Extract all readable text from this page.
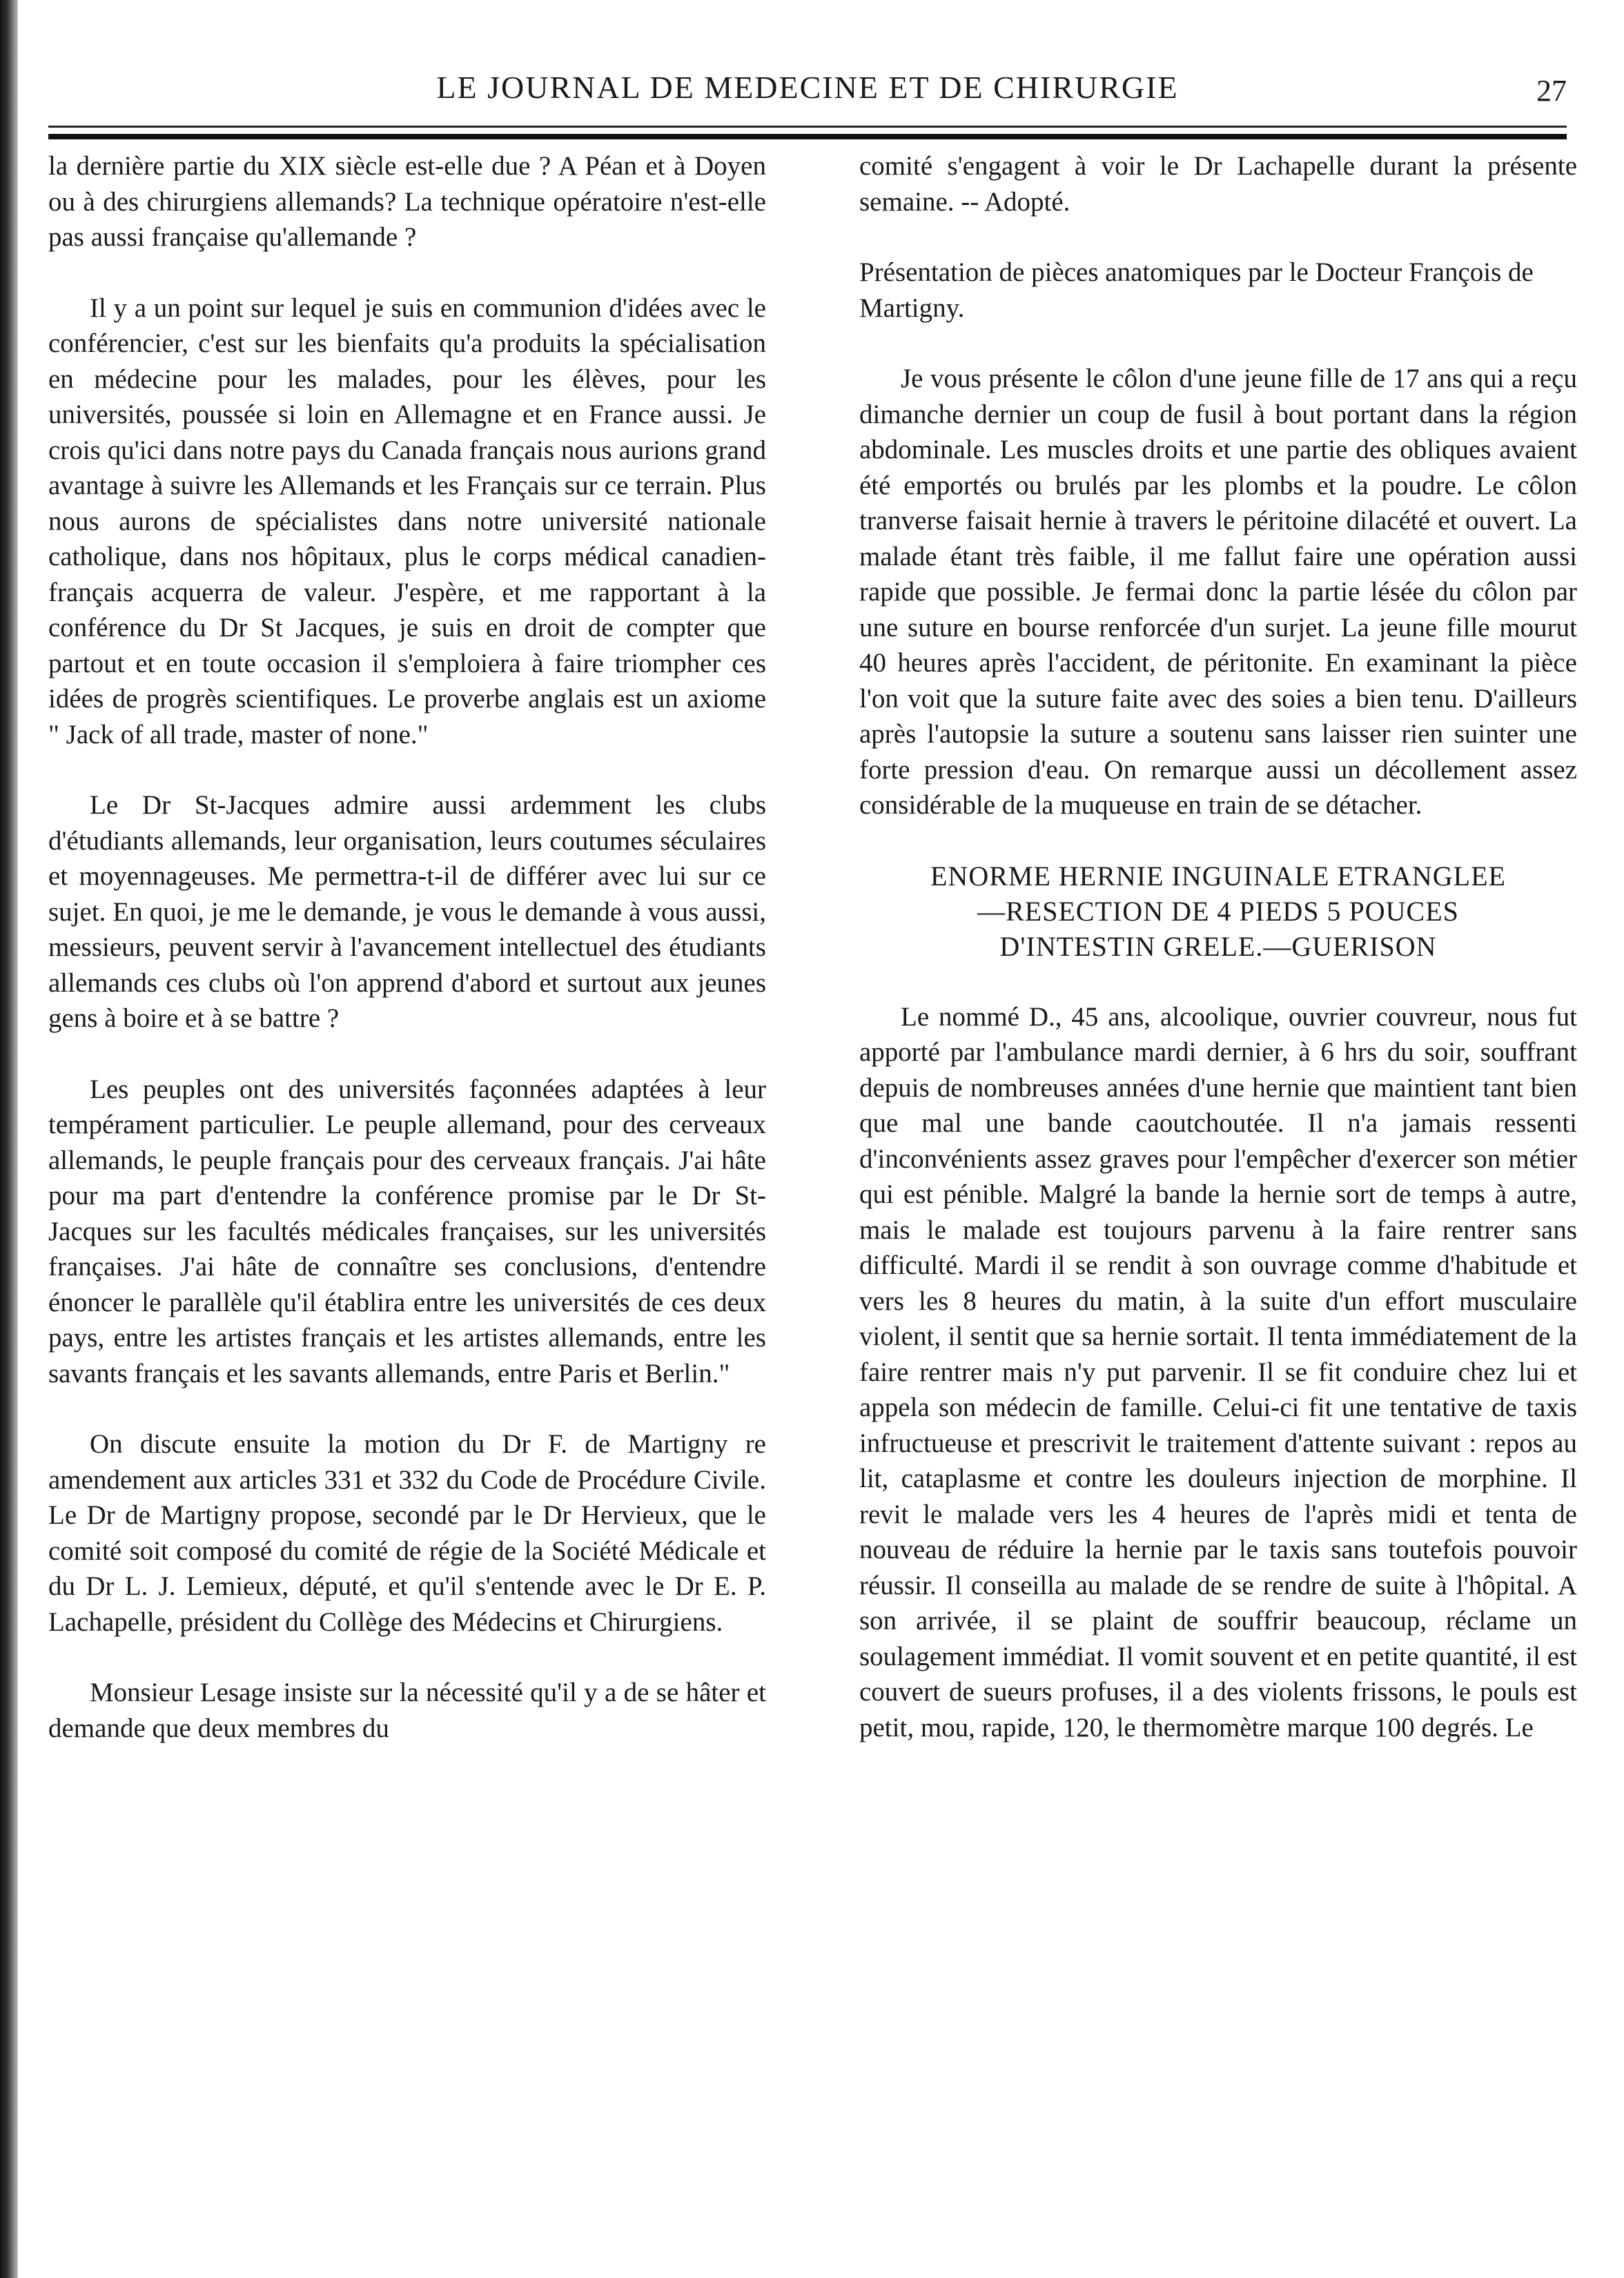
LE JOURNAL DE MEDECINE ET DE CHIRURGIE	27

la dernière partie du XIX siècle est-elle due ? A Péan et à Doyen ou à des chirurgiens allemands? La technique opératoire n'est-elle pas aussi française qu'allemande ?

Il y a un point sur lequel je suis en communion d'idées avec le conférencier, c'est sur les bienfaits qu'a produits la spécialisation en médecine pour les malades, pour les élèves, pour les universités, poussée si loin en Allemagne et en France aussi. Je crois qu'ici dans notre pays du Canada français nous aurions grand avantage à suivre les Allemands et les Français sur ce terrain. Plus nous aurons de spécialistes dans notre université nationale catholique, dans nos hôpitaux, plus le corps médical canadien-français acquerra de valeur. J'espère, et me rapportant à la conférence du Dr St Jacques, je suis en droit de compter que partout et en toute occasion il s'emploiera à faire triompher ces idées de progrès scientifiques. Le proverbe anglais est un axiome " Jack of all trade, master of none."

Le Dr St-Jacques admire aussi ardemment les clubs d'étudiants allemands, leur organisation, leurs coutumes séculaires et moyennageuses. Me permettra-t-il de différer avec lui sur ce sujet. En quoi, je me le demande, je vous le demande à vous aussi, messieurs, peuvent servir à l'avancement intellectuel des étudiants allemands ces clubs où l'on apprend d'abord et surtout aux jeunes gens à boire et à se battre ?

Les peuples ont des universités façonnées adaptées à leur tempérament particulier. Le peuple allemand, pour des cerveaux allemands, le peuple français pour des cerveaux français. J'ai hâte pour ma part d'entendre la conférence promise par le Dr St-Jacques sur les facultés médicales françaises, sur les universités françaises. J'ai hâte de connaître ses conclusions, d'entendre énoncer le parallèle qu'il établira entre les universités de ces deux pays, entre les artistes français et les artistes allemands, entre les savants français et les savants allemands, entre Paris et Berlin."

On discute ensuite la motion du Dr F. de Martigny re amendement aux articles 331 et 332 du Code de Procédure Civile. Le Dr de Martigny propose, secondé par le Dr Hervieux, que le comité soit composé du comité de régie de la Société Médicale et du Dr L. J. Lemieux, député, et qu'il s'entende avec le Dr E. P. Lachapelle, président du Collège des Médecins et Chirurgiens.

Monsieur Lesage insiste sur la nécessité qu'il y a de se hâter et demande que deux membres du

comité s'engagent à voir le Dr Lachapelle durant la présente semaine. -- Adopté.

Présentation de pièces anatomiques par le Docteur François de Martigny.

Je vous présente le côlon d'une jeune fille de 17 ans qui a reçu dimanche dernier un coup de fusil à bout portant dans la région abdominale. Les muscles droits et une partie des obliques avaient été emportés ou brulés par les plombs et la poudre. Le côlon tranverse faisait hernie à travers le péritoine dilacété et ouvert. La malade étant très faible, il me fallut faire une opération aussi rapide que possible. Je fermai donc la partie lésée du côlon par une suture en bourse renforcée d'un surjet. La jeune fille mourut 40 heures après l'accident, de péritonite. En examinant la pièce l'on voit que la suture faite avec des soies a bien tenu. D'ailleurs après l'autopsie la suture a soutenu sans laisser rien suinter une forte pression d'eau. On remarque aussi un décollement assez considérable de la muqueuse en train de se détacher.

ENORME HERNIE INGUINALE ETRANGLEE
—RESECTION DE 4 PIEDS 5 POUCES
D'INTESTIN GRELE.—GUERISON

Le nommé D., 45 ans, alcoolique, ouvrier couvreur, nous fut apporté par l'ambulance mardi dernier, à 6 hrs du soir, souffrant depuis de nombreuses années d'une hernie que maintient tant bien que mal une bande caoutchoutée. Il n'a jamais ressenti d'inconvénients assez graves pour l'empêcher d'exercer son métier qui est pénible. Malgré la bande la hernie sort de temps à autre, mais le malade est toujours parvenu à la faire rentrer sans difficulté. Mardi il se rendit à son ouvrage comme d'habitude et vers les 8 heures du matin, à la suite d'un effort musculaire violent, il sentit que sa hernie sortait. Il tenta immédiatement de la faire rentrer mais n'y put parvenir. Il se fit conduire chez lui et appela son médecin de famille. Celui-ci fit une tentative de taxis infructueuse et prescrivit le traitement d'attente suivant : repos au lit, cataplasme et contre les douleurs injection de morphine. Il revit le malade vers les 4 heures de l'après midi et tenta de nouveau de réduire la hernie par le taxis sans toutefois pouvoir réussir. Il conseilla au malade de se rendre de suite à l'hôpital. A son arrivée, il se plaint de souffrir beaucoup, réclame un soulagement immédiat. Il vomit souvent et en petite quantité, il est couvert de sueurs profuses, il a des violents frissons, le pouls est petit, mou, rapide, 120, le thermomètre marque 100 degrés. Le
